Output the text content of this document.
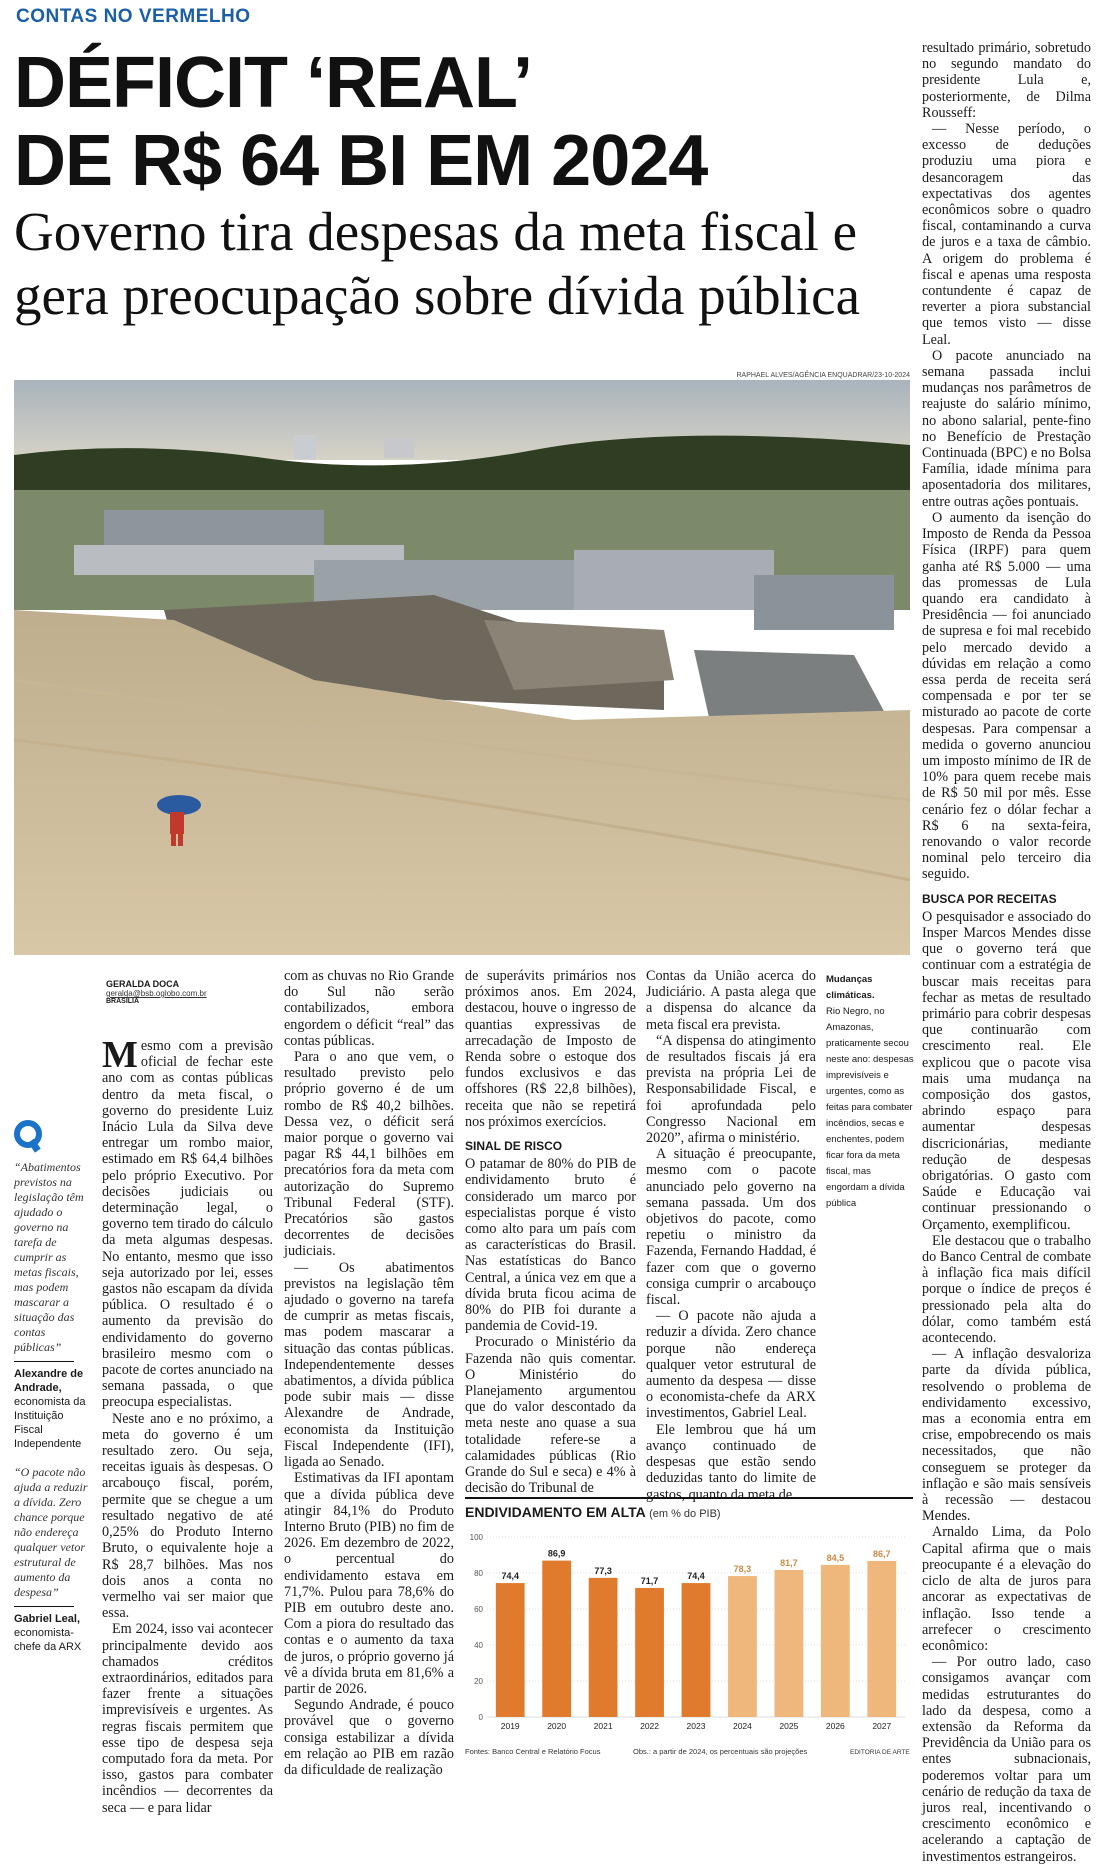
CONTAS NO VERMELHO
DÉFICIT ‘REAL’
DE R$ 64 BI EM 2024
Governo tira despesas da meta fiscal e
gera preocupação sobre dívida pública
RAPHAEL ALVES/AGÊNCIA ENQUADRAR/23-10-2024
GERALDA DOCA
geralda@bsb.oglobo.com.br
BRASÍLIA
“Abatimentos previstos na legislação têm ajudado o governo na tarefa de cumprir as metas fiscais, mas podem mascarar a situação das contas públicas”
Alexandre de Andrade,
economista da Instituição Fiscal Independente
“O pacote não ajuda a reduzir a dívida. Zero chance porque não endereça qualquer vetor estrutural de aumento da despesa”
Gabriel Leal,
economista-chefe da ARX

Mesmo com a previsão oficial de fechar este ano com as contas públicas dentro da meta fiscal, o governo do presidente Luiz Inácio Lula da Silva deve entregar um rombo maior, estimado em R$ 64,4 bilhões pelo próprio Executivo. Por decisões judiciais ou determinação legal, o governo tem tirado do cálculo da meta algumas despesas. No entanto, mesmo que isso seja autorizado por lei, esses gastos não escapam da dívida pública. O resultado é o aumento da previsão do endividamento do governo brasileiro mesmo com o pacote de cortes anunciado na semana passada, o que preocupa especialistas.

Neste ano e no próximo, a meta do governo é um resultado zero. Ou seja, receitas iguais às despesas. O arcabouço fiscal, porém, permite que se chegue a um resultado negativo de até 0,25% do Produto Interno Bruto, o equivalente hoje a R$ 28,7 bilhões. Mas nos dois anos a conta no vermelho vai ser maior que essa.

Em 2024, isso vai acontecer principalmente devido aos chamados créditos extraordinários, editados para fazer frente a situações imprevisíveis e urgentes. As regras fiscais permitem que esse tipo de despesa seja computado fora da meta. Por isso, gastos para combater incêndios — decorrentes da seca — e para lidar

com as chuvas no Rio Grande do Sul não serão contabilizados, embora engordem o déficit “real” das contas públicas.

Para o ano que vem, o resultado previsto pelo próprio governo é de um rombo de R$ 40,2 bilhões. Dessa vez, o déficit será maior porque o governo vai pagar R$ 44,1 bilhões em precatórios fora da meta com autorização do Supremo Tribunal Federal (STF). Precatórios são gastos decorrentes de decisões judiciais.

— Os abatimentos previstos na legislação têm ajudado o governo na tarefa de cumprir as metas fiscais, mas podem mascarar a situação das contas públicas. Independentemente desses abatimentos, a dívida pública pode subir mais — disse Alexandre de Andrade, economista da Instituição Fiscal Independente (IFI), ligada ao Senado.

Estimativas da IFI apontam que a dívida pública deve atingir 84,1% do Produto Interno Bruto (PIB) no fim de 2026. Em dezembro de 2022, o percentual do endividamento estava em 71,7%. Pulou para 78,6% do PIB em outubro deste ano. Com a piora do resultado das contas e o aumento da taxa de juros, o próprio governo já vê a dívida bruta em 81,6% a partir de 2026.

Segundo Andrade, é pouco provável que o governo consiga estabilizar a dívida em relação ao PIB em razão da dificuldade de realização

de superávits primários nos próximos anos. Em 2024, destacou, houve o ingresso de quantias expressivas de arrecadação de Imposto de Renda sobre o estoque dos fundos exclusivos e das offshores (R$ 22,8 bilhões), receita que não se repetirá nos próximos exercícios.

SINAL DE RISCO

O patamar de 80% do PIB de endividamento bruto é considerado um marco por especialistas porque é visto como alto para um país com as características do Brasil. Nas estatísticas do Banco Central, a única vez em que a dívida bruta ficou acima de 80% do PIB foi durante a pandemia de Covid-19.

Procurado o Ministério da Fazenda não quis comentar. O Ministério do Planejamento argumentou que do valor descontado da meta neste ano quase a sua totalidade refere-se a calamidades públicas (Rio Grande do Sul e seca) e 4% à decisão do Tribunal de

Contas da União acerca do Judiciário. A pasta alega que a dispensa do alcance da meta fiscal era prevista.

“A dispensa do atingimento de resultados fiscais já era prevista na própria Lei de Responsabilidade Fiscal, e foi aprofundada pelo Congresso Nacional em 2020”, afirma o ministério.

A situação é preocupante, mesmo com o pacote anunciado pelo governo na semana passada. Um dos objetivos do pacote, como repetiu o ministro da Fazenda, Fernando Haddad, é fazer com que o governo consiga cumprir o arcabouço fiscal.

— O pacote não ajuda a reduzir a dívida. Zero chance porque não endereça qualquer vetor estrutural de aumento da despesa — disse o economista-chefe da ARX investimentos, Gabriel Leal.

Ele lembrou que há um avanço continuado de despesas que estão sendo deduzidas tanto do limite de gastos, quanto da meta de

Mudanças climáticas.
Rio Negro, no Amazonas, praticamente secou neste ano: despesas imprevisíveis e urgentes, como as feitas para combater incêndios, secas e enchentes, podem ficar fora da meta fiscal, mas engordam a dívida pública

resultado primário, sobretudo no segundo mandato do presidente Lula e, posteriormente, de Dilma Rousseff:

— Nesse período, o excesso de deduções produziu uma piora e desancoragem das expectativas dos agentes econômicos sobre o quadro fiscal, contaminando a curva de juros e a taxa de câmbio. A origem do problema é fiscal e apenas uma resposta contundente é capaz de reverter a piora substancial que temos visto — disse Leal.

O pacote anunciado na semana passada inclui mudanças nos parâmetros de reajuste do salário mínimo, no abono salarial, pente-fino no Benefício de Prestação Continuada (BPC) e no Bolsa Família, idade mínima para aposentadoria dos militares, entre outras ações pontuais.

O aumento da isenção do Imposto de Renda da Pessoa Física (IRPF) para quem ganha até R$ 5.000 — uma das promessas de Lula quando era candidato à Presidência — foi anunciado de supresa e foi mal recebido pelo mercado devido a dúvidas em relação a como essa perda de receita será compensada e por ter se misturado ao pacote de corte despesas. Para compensar a medida o governo anunciou um imposto mínimo de IR de 10% para quem recebe mais de R$ 50 mil por mês. Esse cenário fez o dólar fechar a R$ 6 na sexta-feira, renovando o valor recorde nominal pelo terceiro dia seguido.

BUSCA POR RECEITAS

O pesquisador e associado do Insper Marcos Mendes disse que o governo terá que continuar com a estratégia de buscar mais receitas para fechar as metas de resultado primário para cobrir despesas que continuarão com crescimento real. Ele explicou que o pacote visa mais uma mudança na composição dos gastos, abrindo espaço para aumentar despesas discricionárias, mediante redução de despesas obrigatórias. O gasto com Saúde e Educação vai continuar pressionando o Orçamento, exemplificou.

Ele destacou que o trabalho do Banco Central de combate à inflação fica mais difícil porque o índice de preços é pressionado pela alta do dólar, como também está acontecendo.

— A inflação desvaloriza parte da dívida pública, resolvendo o problema de endividamento excessivo, mas a economia entra em crise, empobrecendo os mais necessitados, que não conseguem se proteger da inflação e são mais sensíveis à recessão — destacou Mendes.

Arnaldo Lima, da Polo Capital afirma que o mais preocupante é a elevação do ciclo de alta de juros para ancorar as expectativas de inflação. Isso tende a arrefecer o crescimento econômico:

— Por outro lado, caso consigamos avançar com medidas estruturantes do lado da despesa, como a extensão da Reforma da Previdência da União para os entes subnacionais, poderemos voltar para um cenário de redução da taxa de juros real, incentivando o crescimento econômico e acelerando a captação de investimentos estrangeiros.

ENDIVIDAMENTO EM ALTA (em % do PIB)
0
20
40
60
80
100
74,4
2019
86,9
2020
77,3
2021
71,7
2022
74,4
2023
78,3
2024
81,7
2025
84,5
2026
86,7
2027
Fontes: Banco Central e Relatório Focus	Obs.: a partir de 2024, os percentuais são projeções	EDITORIA DE ARTE
